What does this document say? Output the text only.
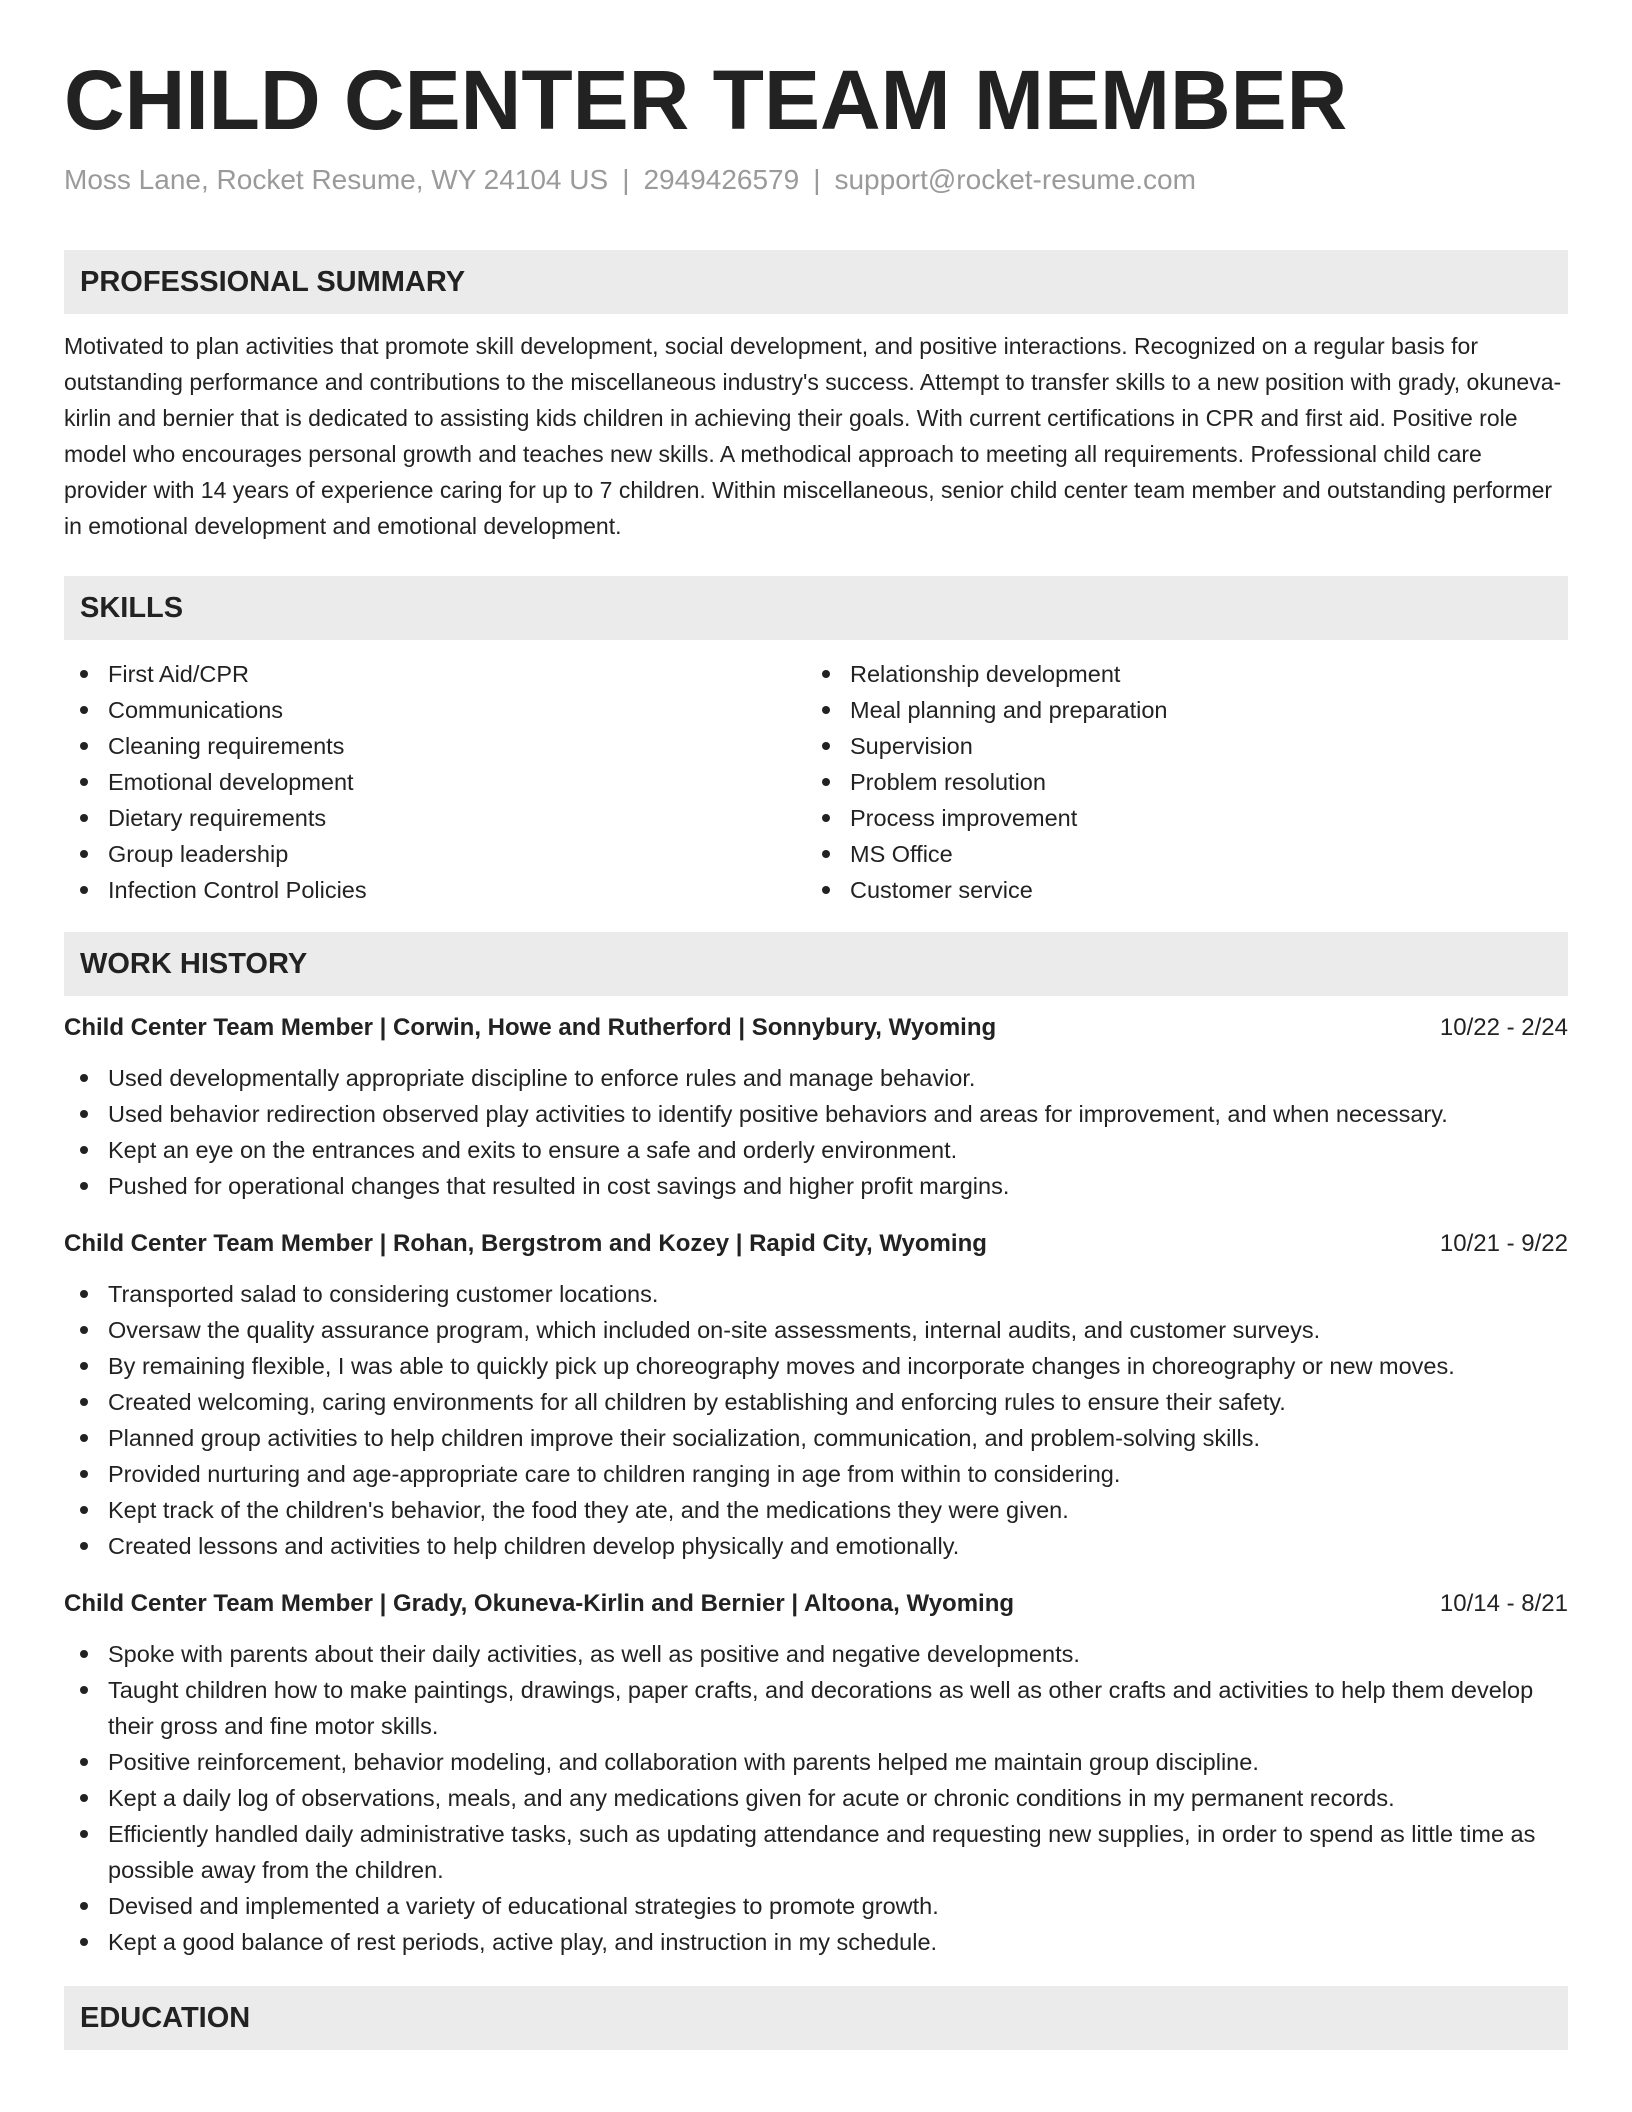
CHILD CENTER TEAM MEMBER
Moss Lane, Rocket Resume, WY 24104 US | 2949426579 | support@rocket-resume.com
PROFESSIONAL SUMMARY
Motivated to plan activities that promote skill development, social development, and positive interactions. Recognized on a regular basis for outstanding performance and contributions to the miscellaneous industry's success. Attempt to transfer skills to a new position with grady, okuneva-kirlin and bernier that is dedicated to assisting kids children in achieving their goals. With current certifications in CPR and first aid. Positive role model who encourages personal growth and teaches new skills. A methodical approach to meeting all requirements. Professional child care provider with 14 years of experience caring for up to 7 children. Within miscellaneous, senior child center team member and outstanding performer in emotional development and emotional development.
SKILLS
First Aid/CPR
Communications
Cleaning requirements
Emotional development
Dietary requirements
Group leadership
Infection Control Policies
Relationship development
Meal planning and preparation
Supervision
Problem resolution
Process improvement
MS Office
Customer service
WORK HISTORY
Child Center Team Member | Corwin, Howe and Rutherford | Sonnybury, Wyoming	10/22 - 2/24
Used developmentally appropriate discipline to enforce rules and manage behavior.
Used behavior redirection observed play activities to identify positive behaviors and areas for improvement, and when necessary.
Kept an eye on the entrances and exits to ensure a safe and orderly environment.
Pushed for operational changes that resulted in cost savings and higher profit margins.
Child Center Team Member | Rohan, Bergstrom and Kozey | Rapid City, Wyoming	10/21 - 9/22
Transported salad to considering customer locations.
Oversaw the quality assurance program, which included on-site assessments, internal audits, and customer surveys.
By remaining flexible, I was able to quickly pick up choreography moves and incorporate changes in choreography or new moves.
Created welcoming, caring environments for all children by establishing and enforcing rules to ensure their safety.
Planned group activities to help children improve their socialization, communication, and problem-solving skills.
Provided nurturing and age-appropriate care to children ranging in age from within to considering.
Kept track of the children's behavior, the food they ate, and the medications they were given.
Created lessons and activities to help children develop physically and emotionally.
Child Center Team Member | Grady, Okuneva-Kirlin and Bernier | Altoona, Wyoming	10/14 - 8/21
Spoke with parents about their daily activities, as well as positive and negative developments.
Taught children how to make paintings, drawings, paper crafts, and decorations as well as other crafts and activities to help them develop their gross and fine motor skills.
Positive reinforcement, behavior modeling, and collaboration with parents helped me maintain group discipline.
Kept a daily log of observations, meals, and any medications given for acute or chronic conditions in my permanent records.
Efficiently handled daily administrative tasks, such as updating attendance and requesting new supplies, in order to spend as little time as possible away from the children.
Devised and implemented a variety of educational strategies to promote growth.
Kept a good balance of rest periods, active play, and instruction in my schedule.
EDUCATION
